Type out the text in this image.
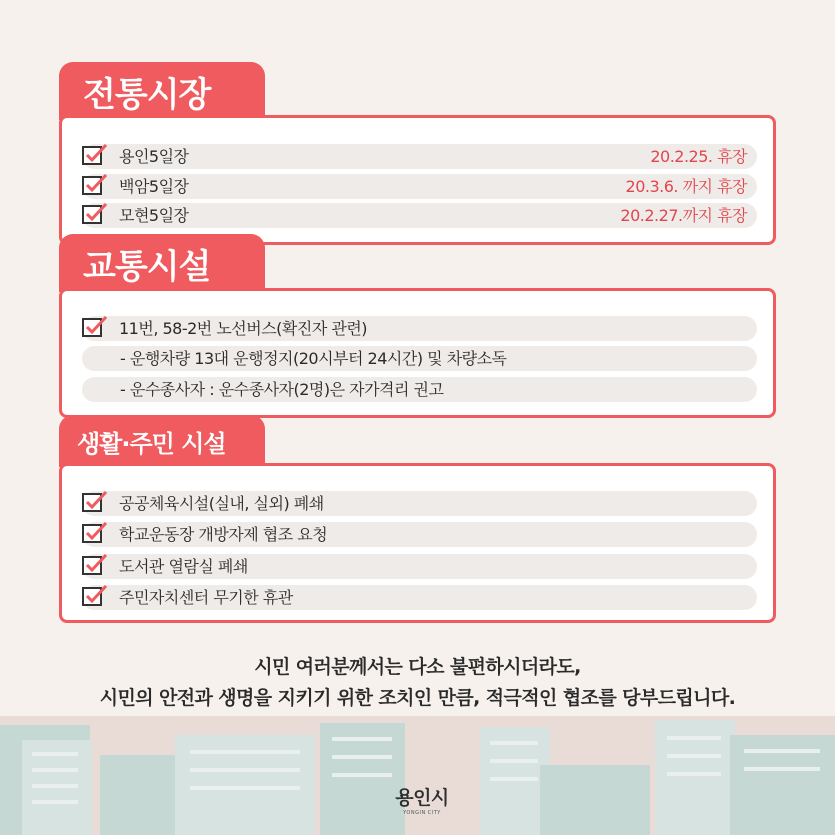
전통시장
용인5일장	20.2.25. 휴장
백암5일장	20.3.6. 까지 휴장
모현5일장	20.2.27.까지 휴장
교통시설
11번, 58-2번 노선버스(확진자 관련)
- 운행차량 13대 운행정지(20시부터 24시간) 및 차량소독
- 운수종사자 : 운수종사자(2명)은 자가격리 권고
생활·주민 시설
공공체육시설(실내, 실외) 폐쇄
학교운동장 개방자제 협조 요청
도서관 열람실 폐쇄
주민자치센터 무기한 휴관
시민 여러분께서는 다소 불편하시더라도,
시민의 안전과 생명을 지키기 위한 조치인 만큼, 적극적인 협조를 당부드립니다.
용인시
YONGIN CITY
